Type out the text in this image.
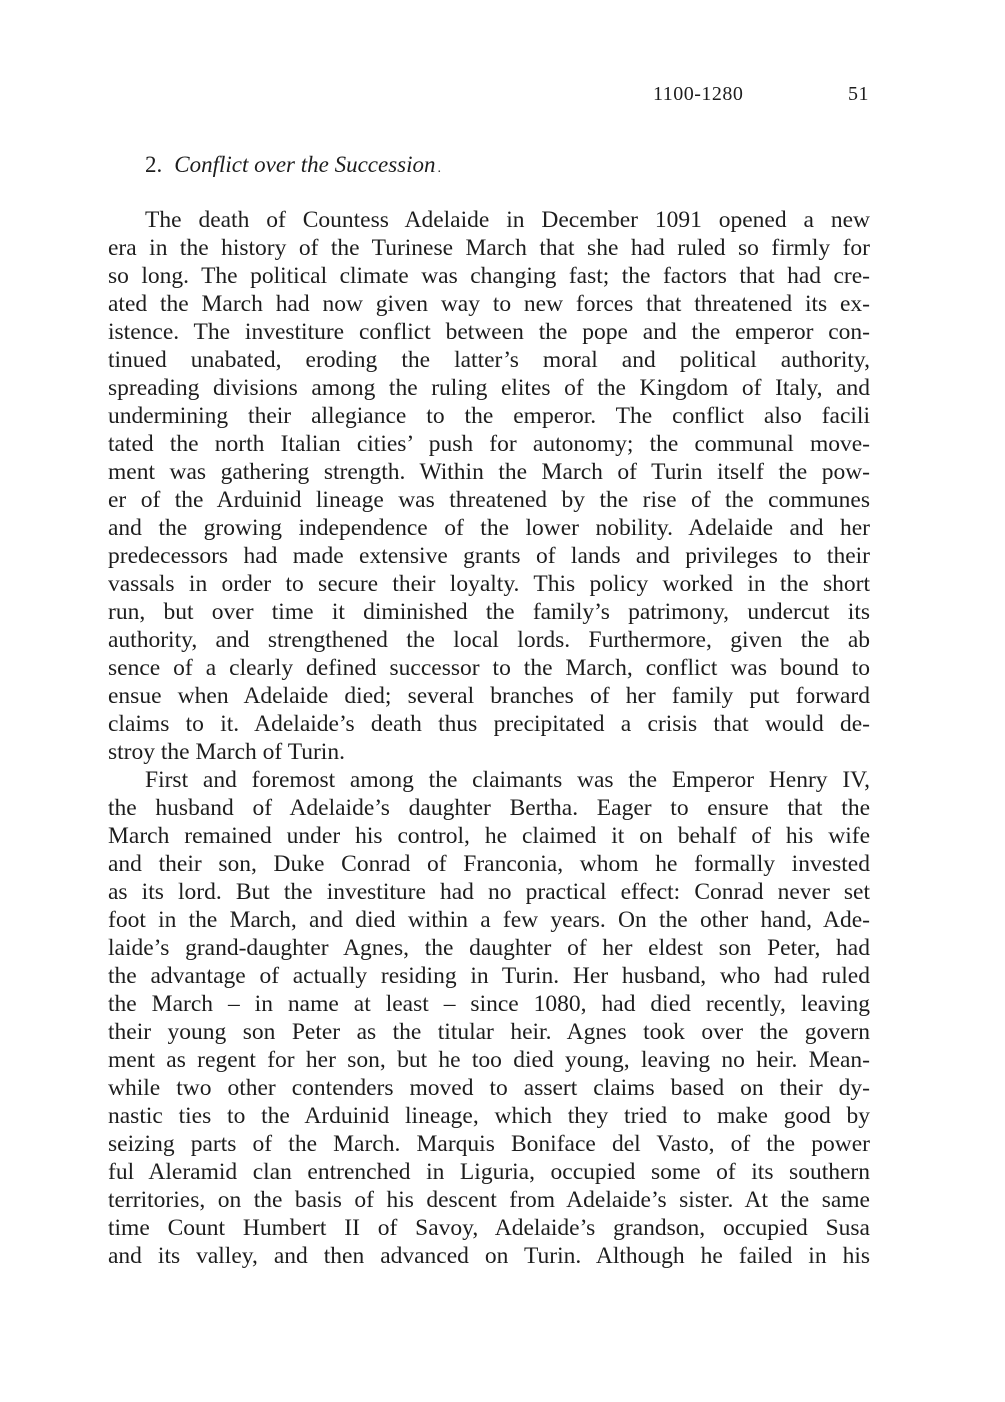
1100-1280	51
2. Conflict over the Succession .
The death of Countess Adelaide in December 1091 opened a new
era in the history of the Turinese March that she had ruled so firmly for
so long. The political climate was changing fast; the factors that had cre-
ated the March had now given way to new forces that threatened its ex-
istence. The investiture conflict between the pope and the emperor con-
tinued unabated, eroding the latter’s moral and political authority,
spreading divisions among the ruling elites of the Kingdom of Italy, and
undermining their allegiance to the emperor. The conflict also facili
tated the north Italian cities’ push for autonomy; the communal move-
ment was gathering strength. Within the March of Turin itself the pow-
er of the Arduinid lineage was threatened by the rise of the communes
and the growing independence of the lower nobility. Adelaide and her
predecessors had made extensive grants of lands and privileges to their
vassals in order to secure their loyalty. This policy worked in the short
run, but over time it diminished the family’s patrimony, undercut its
authority, and strengthened the local lords. Furthermore, given the ab
sence of a clearly defined successor to the March, conflict was bound to
ensue when Adelaide died; several branches of her family put forward
claims to it. Adelaide’s death thus precipitated a crisis that would de-
stroy the March of Turin.
First and foremost among the claimants was the Emperor Henry IV,
the husband of Adelaide’s daughter Bertha. Eager to ensure that the
March remained under his control, he claimed it on behalf of his wife
and their son, Duke Conrad of Franconia, whom he formally invested
as its lord. But the investiture had no practical effect: Conrad never set
foot in the March, and died within a few years. On the other hand, Ade-
laide’s grand-daughter Agnes, the daughter of her eldest son Peter, had
the advantage of actually residing in Turin. Her husband, who had ruled
the March – in name at least – since 1080, had died recently, leaving
their young son Peter as the titular heir. Agnes took over the govern
ment as regent for her son, but he too died young, leaving no heir. Mean-
while two other contenders moved to assert claims based on their dy-
nastic ties to the Arduinid lineage, which they tried to make good by
seizing parts of the March. Marquis Boniface del Vasto, of the power
ful Aleramid clan entrenched in Liguria, occupied some of its southern
territories, on the basis of his descent from Adelaide’s sister. At the same
time Count Humbert II of Savoy, Adelaide’s grandson, occupied Susa
and its valley, and then advanced on Turin. Although he failed in his
